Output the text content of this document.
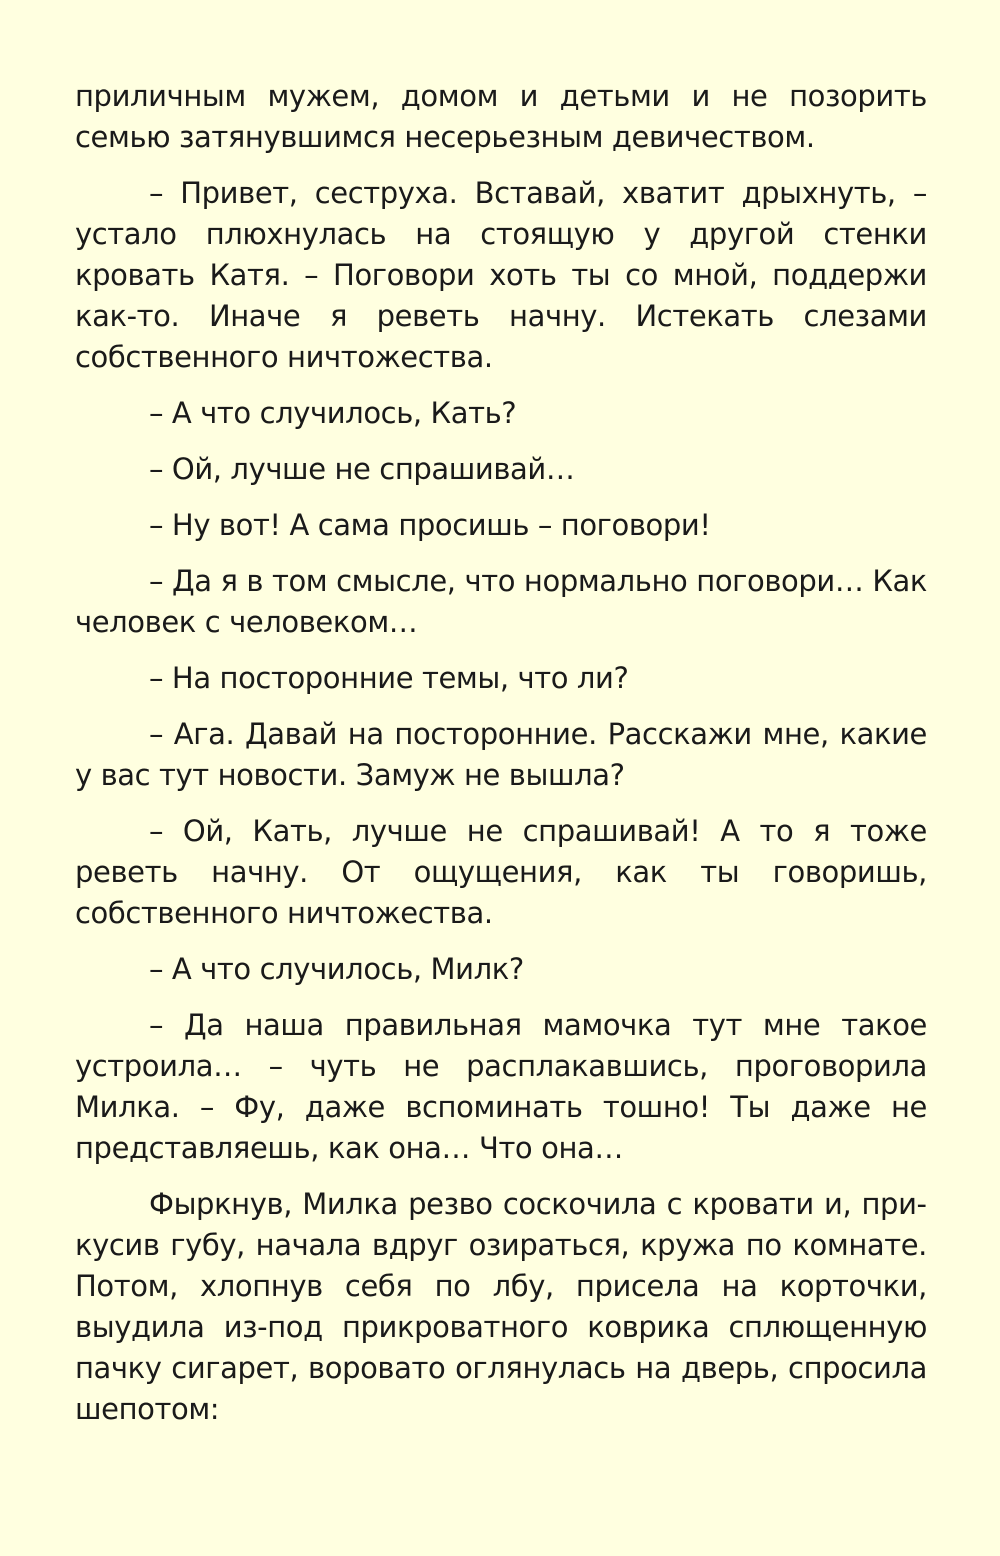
приличным мужем, домом и детьми и не позорить семью затянувшимся несерьезным девичеством.

– Привет, сеструха. Вставай, хватит дрыхнуть, – устало плюхнулась на стоящую у другой стенки кровать Катя. – Поговори хоть ты со мной, поддержи как-то. Иначе я реветь начну. Истекать слезами собственного ничтожества.

– А что случилось, Кать?

– Ой, лучше не спрашивай…

– Ну вот! А сама просишь – поговори!

– Да я в том смысле, что нормально поговори… Как человек с человеком…

– На посторонние темы, что ли?

– Ага. Давай на посторонние. Расскажи мне, какие у вас тут новости. Замуж не вышла?

– Ой, Кать, лучше не спрашивай! А то я тоже реветь начну. От ощущения, как ты говоришь, собственного ничтожества.

– А что случилось, Милк?

– Да наша правильная мамочка тут мне такое устроила… – чуть не расплакавшись, проговорила Милка. – Фу, даже вспоминать тошно! Ты даже не представляешь, как она… Что она…

Фыркнув, Милка резво соскочила с кровати и, прикусив губу, начала вдруг озираться, кружа по комнате. Потом, хлопнув себя по лбу, присела на корточки, выудила из-под прикроватного коврика сплющенную пачку сигарет, воровато оглянулась на дверь, спросила шепотом:
